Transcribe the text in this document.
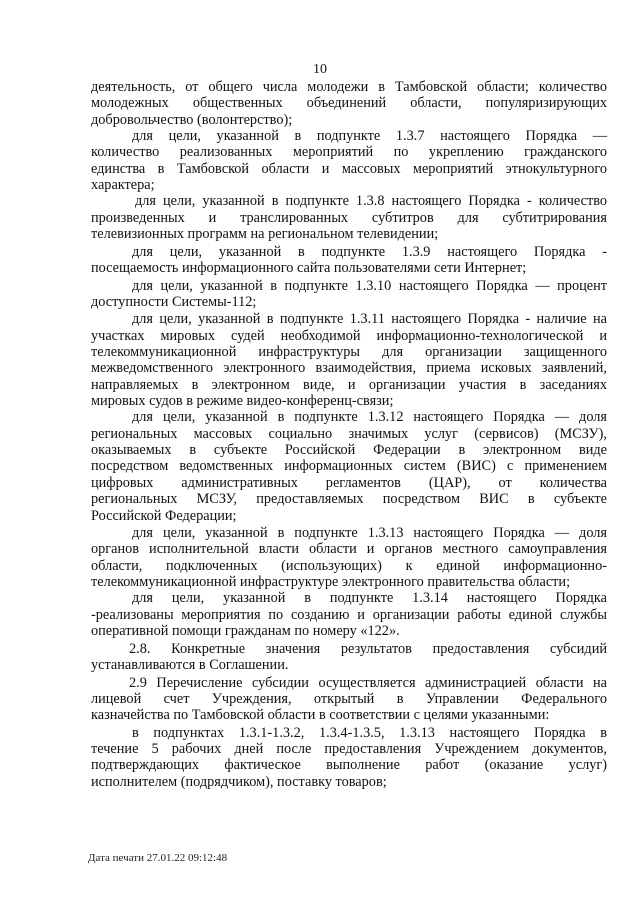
10
деятельность, от общего числа молодежи в Тамбовской области; количество
молодежных общественных объединений области, популяризирующих
добровольчество (волонтерство);
для цели, указанной в подпункте 1.3.7 настоящего Порядка —
количество реализованных мероприятий по укреплению гражданского
единства в Тамбовской области и массовых мероприятий этнокультурного
характера;
для цели, указанной в подпункте 1.3.8 настоящего Порядка - количество
произведенных и транслированных субтитров для субтитрирования
телевизионных программ на региональном телевидении;
для цели, указанной в подпункте 1.3.9 настоящего Порядка -
посещаемость информационного сайта пользователями сети Интернет;
для цели, указанной в подпункте 1.3.10 настоящего Порядка — процент
доступности Системы-112;
для цели, указанной в подпункте 1.3.11 настоящего Порядка - наличие на
участках мировых судей необходимой информационно-технологической и
телекоммуникационной инфраструктуры для организации защищенного
межведомственного электронного взаимодействия, приема исковых заявлений,
направляемых в электронном виде, и организации участия в заседаниях
мировых судов в режиме видео-конференц-связи;
для цели, указанной в подпункте 1.3.12 настоящего Порядка — доля
региональных массовых социально значимых услуг (сервисов) (МСЗУ),
оказываемых в субъекте Российской Федерации в электронном виде
посредством ведомственных информационных систем (ВИС) с применением
цифровых административных регламентов (ЦАР), от количества
региональных МСЗУ, предоставляемых посредством ВИС в субъекте
Российской Федерации;
для цели, указанной в подпункте 1.3.13 настоящего Порядка — доля
органов исполнительной власти области и органов местного самоуправления
области, подключенных (использующих) к единой информационно-
телекоммуникационной инфраструктуре электронного правительства области;
для цели, указанной в подпункте 1.3.14 настоящего Порядка
-реализованы мероприятия по созданию и организации работы единой службы
оперативной помощи гражданам по номеру «122».
2.8. Конкретные значения результатов предоставления субсидий
устанавливаются в Соглашении.
2.9 Перечисление субсидии осуществляется администрацией области на
лицевой счет Учреждения, открытый в Управлении Федерального
казначейства по Тамбовской области в соответствии с целями указанными:
в подпунктах 1.3.1-1.3.2, 1.3.4-1.3.5, 1.3.13 настоящего Порядка в
течение 5 рабочих дней после предоставления Учреждением документов,
подтверждающих фактическое выполнение работ (оказание услуг)
исполнителем (подрядчиком), поставку товаров;
Дата печати 27.01.22 09:12:48
